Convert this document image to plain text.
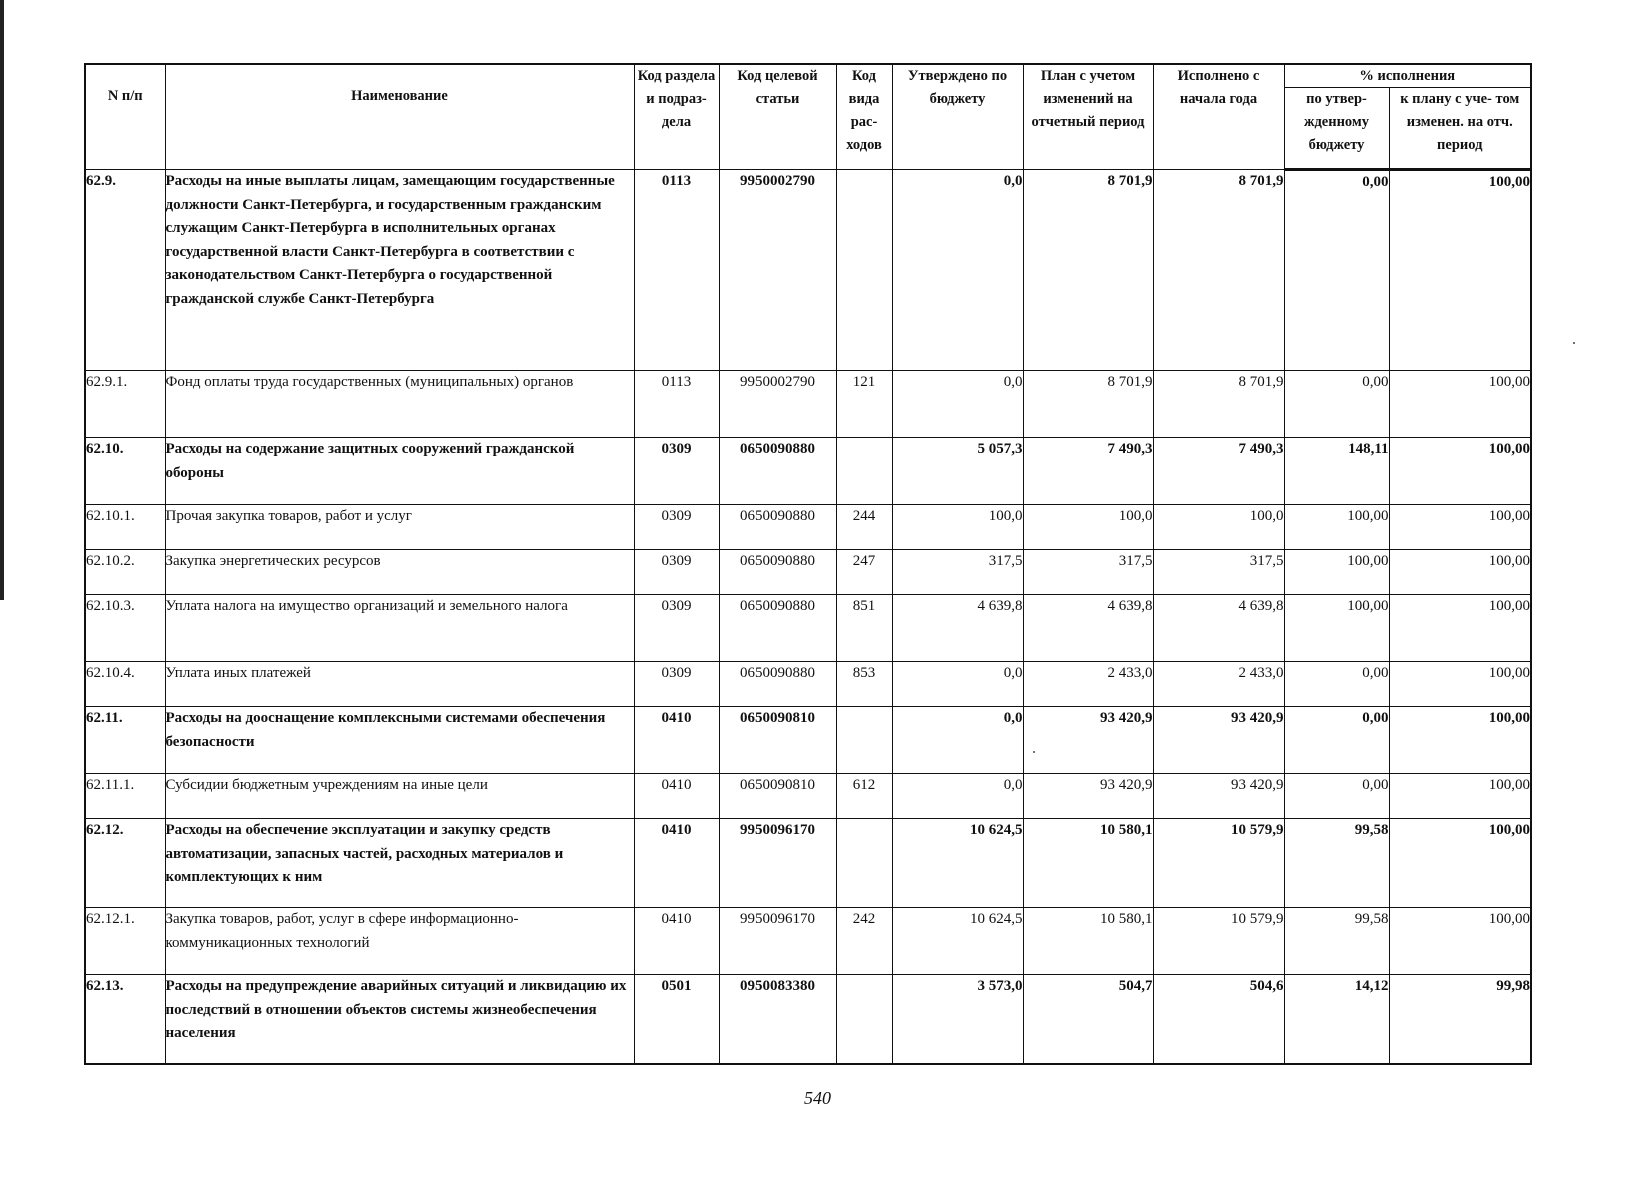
N п/п	Наименование	Код раздела и подраз- дела	Код целевой статьи	Код вида рас- ходов	Утверждено по бюджету	План с учетом изменений на отчетный период	Исполнено с начала года	% исполнения	
								по утвер- жденному бюджету	к плану с уче- том изменен. на отч. период
62.9.	Расходы на иные выплаты лицам, замещающим государственные должности Санкт-Петербурга, и государственным гражданским служащим Санкт-Петербурга в исполнительных органах государственной власти Санкт-Петербурга в соответствии с законодательством Санкт-Петербурга о государственной гражданской службе Санкт-Петербурга	0113	9950002790		0,0	8 701,9	8 701,9	0,00	100,00
62.9.1.	Фонд оплаты труда государственных (муниципальных) органов	0113	9950002790	121	0,0	8 701,9	8 701,9	0,00	100,00
62.10.	Расходы на содержание защитных сооружений гражданской обороны	0309	0650090880		5 057,3	7 490,3	7 490,3	148,11	100,00
62.10.1.	Прочая закупка товаров, работ и услуг	0309	0650090880	244	100,0	100,0	100,0	100,00	100,00
62.10.2.	Закупка энергетических ресурсов	0309	0650090880	247	317,5	317,5	317,5	100,00	100,00
62.10.3.	Уплата налога на имущество организаций и земельного налога	0309	0650090880	851	4 639,8	4 639,8	4 639,8	100,00	100,00
62.10.4.	Уплата иных платежей	0309	0650090880	853	0,0	2 433,0	2 433,0	0,00	100,00
62.11.	Расходы на дооснащение комплексными системами обеспечения безопасности	0410	0650090810		0,0	93 420,9	93 420,9	0,00	100,00
62.11.1.	Субсидии бюджетным учреждениям на иные цели	0410	0650090810	612	0,0	93 420,9	93 420,9	0,00	100,00
62.12.	Расходы на обеспечение эксплуатации и закупку средств автоматизации, запасных частей, расходных материалов и комплектующих к ним	0410	9950096170		10 624,5	10 580,1	10 579,9	99,58	100,00
62.12.1.	Закупка товаров, работ, услуг в сфере информационно-коммуникационных технологий	0410	9950096170	242	10 624,5	10 580,1	10 579,9	99,58	100,00
62.13.	Расходы на предупреждение аварийных ситуаций и ликвидацию их последствий в отношении объектов системы жизнеобеспечения населения	0501	0950083380		3 573,0	504,7	504,6	14,12	99,98
540
